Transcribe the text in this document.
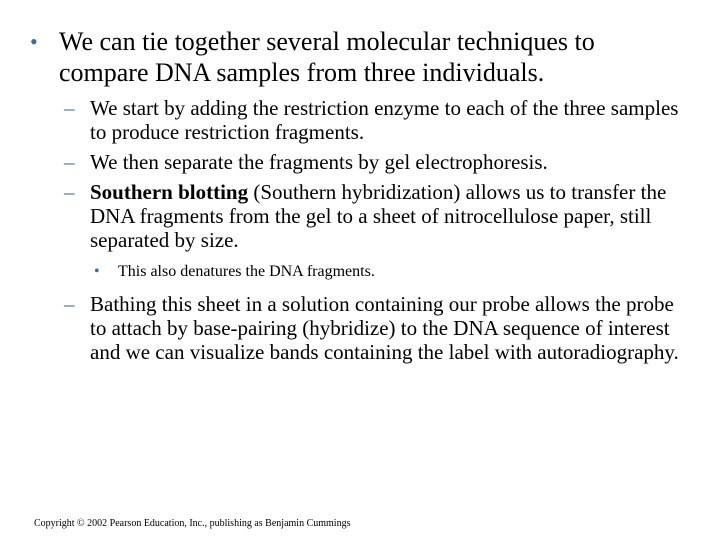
• We can tie together several molecular techniques to compare DNA samples from three individuals.
– We start by adding the restriction enzyme to each of the three samples to produce restriction fragments.
– We then separate the fragments by gel electrophoresis.
– Southern blotting (Southern hybridization) allows us to transfer the DNA fragments from the gel to a sheet of nitrocellulose paper, still separated by size.
• This also denatures the DNA fragments.
– Bathing this sheet in a solution containing our probe allows the probe to attach by base-pairing (hybridize) to the DNA sequence of interest and we can visualize bands containing the label with autoradiography.
Copyright © 2002 Pearson Education, Inc., publishing as Benjamin Cummings
